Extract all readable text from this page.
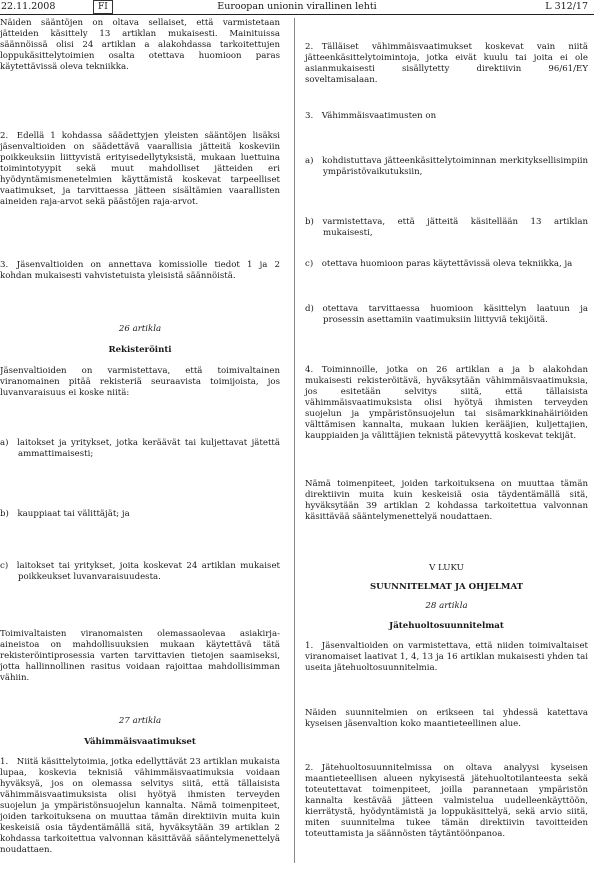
22.11.2008	FI	Euroopan unionin virallinen lehti	L 312/17

Näiden sääntöjen on oltava sellaiset, että varmistetaan jätteiden käsittely 13 artiklan mukaisesti. Mainituissa säännöissä olisi 24 artiklan a alakohdassa tarkoitettujen loppukäsittelytoimien osalta otettava huomioon paras käytettävissä oleva tekniikka.

2. Edellä 1 kohdassa säädettyjen yleisten sääntöjen lisäksi jäsenvaltioiden on säädettävä vaarallisia jätteitä koskeviin poikkeuksiin liittyvistä erityisedellytyksistä, mukaan luettuina toimintotyypit sekä muut mahdolliset jätteiden eri hyödyntämismenetelmien käyttämistä koskevat tarpeelliset vaatimukset, ja tarvittaessa jätteen sisältämien vaarallisten aineiden raja-arvot sekä päästöjen raja-arvot.

3. Jäsenvaltioiden on annettava komissiolle tiedot 1 ja 2 kohdan mukaisesti vahvistetuista yleisistä säännöistä.

26 artikla

Rekisteröinti

Jäsenvaltioiden on varmistettava, että toimivaltainen viranomainen pitää rekisteriä seuraavista toimijoista, jos luvanvaraisuus ei koske niitä:

a) laitokset ja yritykset, jotka keräävät tai kuljettavat jätettä ammattimaisesti;

b) kauppiaat tai välittäjät; ja

c) laitokset tai yritykset, joita koskevat 24 artiklan mukaiset poikkeukset luvanvaraisuudesta.

Toimivaltaisten viranomaisten olemassaolevaa asiakirja-aineistoa on mahdollisuuksien mukaan käytettävä tätä rekisteröintiprosessia varten tarvittavien tietojen saamiseksi, jotta hallinnollinen rasitus voidaan rajoittaa mahdollisimman vähiin.

27 artikla

Vähimmäisvaatimukset

1. Niitä käsittelytoimia, jotka edellyttävät 23 artiklan mukaista lupaa, koskevia teknisiä vähimmäisvaatimuksia voidaan hyväksyä, jos on olemassa selvitys siitä, että tällaisista vähimmäisvaatimuksista olisi hyötyä ihmisten terveyden suojelun ja ympäristönsuojelun kannalta. Nämä toimenpiteet, joiden tarkoituksena on muuttaa tämän direktiivin muita kuin keskeisiä osia täydentämällä sitä, hyväksytään 39 artiklan 2 kohdassa tarkoitettua valvonnan käsittävää sääntelymenettelyä noudattaen.

2. Tälläiset vähimmäisvaatimukset koskevat vain niitä jätteenkäsittelytoimintoja, jotka eivät kuulu tai joita ei ole asianmukaisesti sisällytetty direktiivin 96/61/EY soveltamisalaan.

3. Vähimmäisvaatimusten on

a) kohdistuttava jätteenkäsittelytoiminnan merkityksellisimpiin ympäristövaikutuksiin,

b) varmistettava, että jätteitä käsitellään 13 artiklan mukaisesti,

c) otettava huomioon paras käytettävissä oleva tekniikka, ja

d) otettava tarvittaessa huomioon käsittelyn laatuun ja prosessin asettamiin vaatimuksiin liittyviä tekijöitä.

4. Toiminnoille, jotka on 26 artiklan a ja b alakohdan mukaisesti rekisteröitävä, hyväksytään vähimmäisvaatimuksia, jos esitetään selvitys siitä, että tällaisista vähimmäisvaatimuksista olisi hyötyä ihmisten terveyden suojelun ja ympäristönsuojelun tai sisämarkkinahäiriöiden välttämisen kannalta, mukaan lukien kerääjien, kuljettajien, kauppiaiden ja välittäjien teknistä pätevyyttä koskevat tekijät.

Nämä toimenpiteet, joiden tarkoituksena on muuttaa tämän direktiivin muita kuin keskeisiä osia täydentämällä sitä, hyväksytään 39 artiklan 2 kohdassa tarkoitettua valvonnan käsittävää sääntelymenettelyä noudattaen.

V LUKU

SUUNNITELMAT JA OHJELMAT

28 artikla

Jätehuoltosuunnitelmat

1. Jäsenvaltioiden on varmistettava, että niiden toimivaltaiset viranomaiset laativat 1, 4, 13 ja 16 artiklan mukaisesti yhden tai useita jätehuoltosuunnitelmia.

Näiden suunnitelmien on erikseen tai yhdessä katettava kyseisen jäsenvaltion koko maantieteellinen alue.

2. Jätehuoltosuunnitelmissa on oltava analyysi kyseisen maantieteellisen alueen nykyisestä jätehuoltotilanteesta sekä toteutettavat toimenpiteet, joilla parannetaan ympäristön kannalta kestävää jätteen valmistelua uudelleenkäyttöön, kierrätystä, hyödyntämistä ja loppukäsittelyä, sekä arvio siitä, miten suunnitelma tukee tämän direktiivin tavoitteiden toteuttamista ja säännösten täytäntöönpanoa.
